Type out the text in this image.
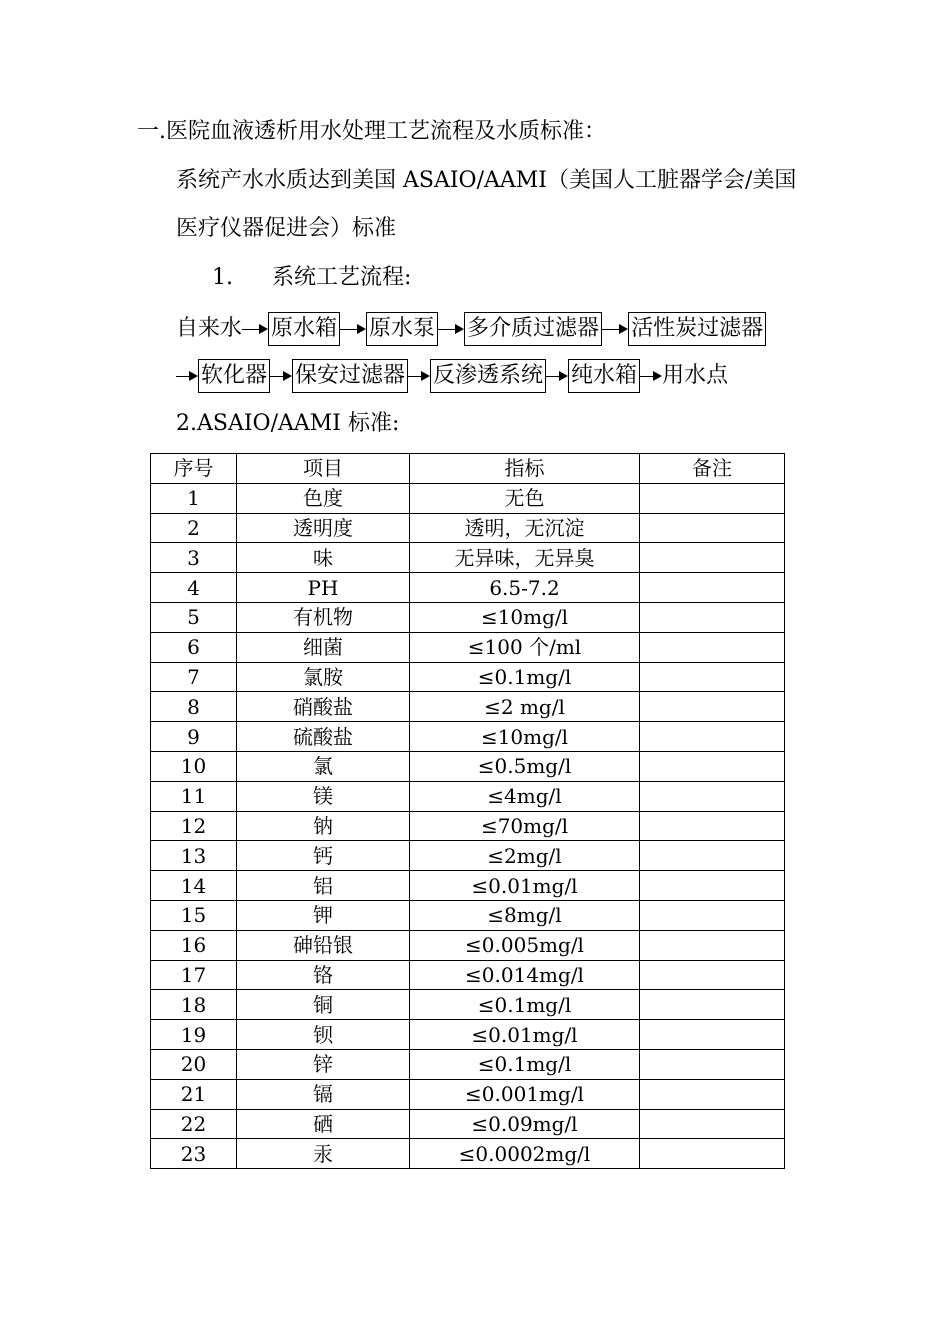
一.医院血液透析用水处理工艺流程及水质标准：
系统产水水质达到美国 ASAIO/AAMI（美国人工脏器学会/美国
医疗仪器促进会）标准
1. 系统工艺流程:
自来水 原水箱 原水泵 多介质过滤器 活性炭过滤器
软化器 保安过滤器 反渗透系统 纯水箱 用水点
2.ASAIO/AAMI 标准:
序号	项目	指标	备注
1	色度	无色	
2	透明度	透明，无沉淀	
3	味	无异味，无异臭	
4	PH	6.5-7.2	
5	有机物	≤10mg/l	
6	细菌	≤100 个/ml	
7	氯胺	≤0.1mg/l	
8	硝酸盐	≤2 mg/l	
9	硫酸盐	≤10mg/l	
10	氯	≤0.5mg/l	
11	镁	≤4mg/l	
12	钠	≤70mg/l	
13	钙	≤2mg/l	
14	铝	≤0.01mg/l	
15	钾	≤8mg/l	
16	砷铅银	≤0.005mg/l	
17	铬	≤0.014mg/l	
18	铜	≤0.1mg/l	
19	钡	≤0.01mg/l	
20	锌	≤0.1mg/l	
21	镉	≤0.001mg/l	
22	硒	≤0.09mg/l	
23	汞	≤0.0002mg/l	
